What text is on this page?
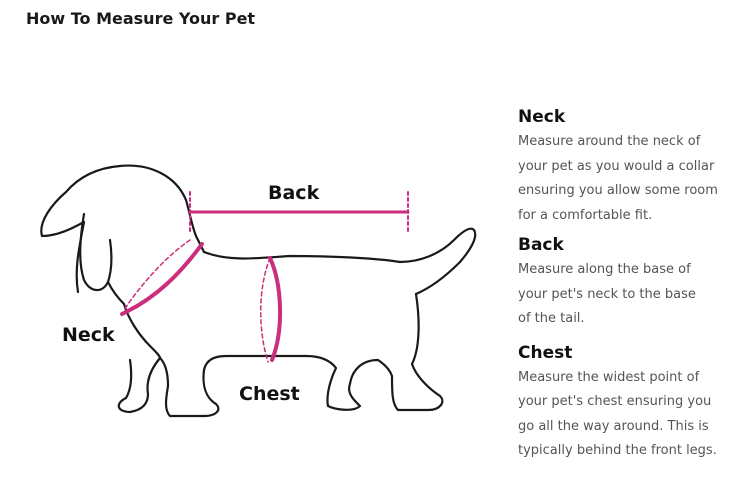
How To Measure Your Pet
Back
Neck
Chest
Neck

Measure around the neck of
your pet as you would a collar
ensuring you allow some room
for a comfortable fit.

Back

Measure along the base of
your pet's neck to the base
of the tail.

Chest

Measure the widest point of
your pet's chest ensuring you
go all the way around. This is
typically behind the front legs.
